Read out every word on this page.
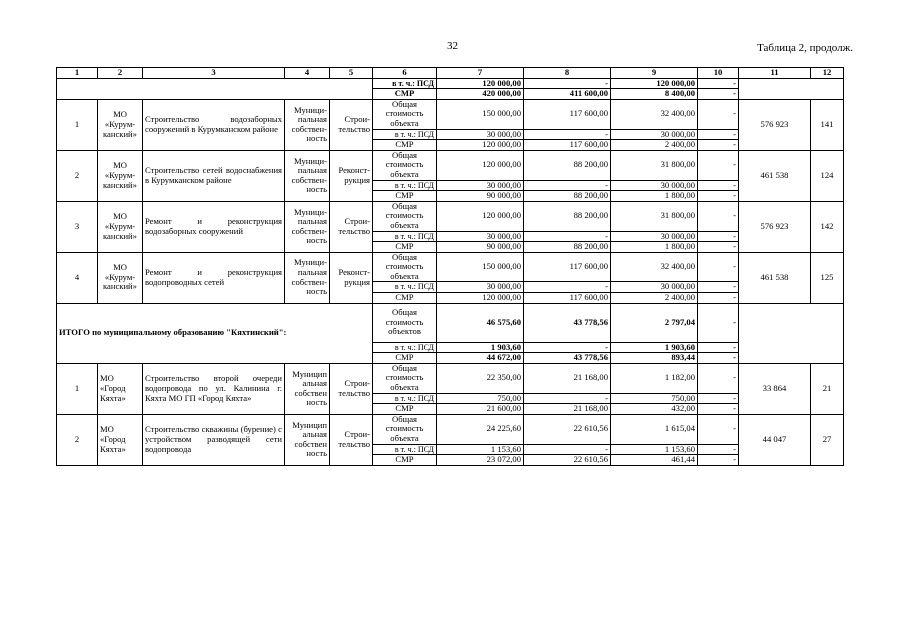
32	Таблица 2, продолж.
1	2	3	4	5	6	7	8	9	10	11	12
					в т. ч.: ПСД	120 000,00	-	120 000,00	-		
					СМР	420 000,00	411 600,00	8 400,00	-		
1	МО «Курум-канский»	Строительство водозаборных сооружений в Курумканском районе	Муници-пальная собствен-ность	Строи-тельство	Общая стоимость объекта	150 000,00	117 600,00	32 400,00	-	576 923	141
					в т. ч.: ПСД	30 000,00	-	30 000,00	-		
					СМР	120 000,00	117 600,00	2 400,00	-		
2	МО «Курум-канский»	Строительство сетей водоснабжения в Курумканском районе	Муници-пальная собствен-ность	Реконст-рукция	Общая стоимость объекта	120 000,00	88 200,00	31 800,00	-	461 538	124
					в т. ч.: ПСД	30 000,00	-	30 000,00	-		
					СМР	90 000,00	88 200,00	1 800,00	-		
3	МО «Курум-канский»	Ремонт и реконструкция водозаборных сооружений	Муници-пальная собствен-ность	Строи-тельство	Общая стоимость объекта	120 000,00	88 200,00	31 800,00	-	576 923	142
					в т. ч.: ПСД	30 000,00	-	30 000,00	-		
					СМР	90 000,00	88 200,00	1 800,00	-		
4	МО «Курум-канский»	Ремонт и реконструкция водопроводных сетей	Муници-пальная собствен-ность	Реконст-рукция	Общая стоимость объекта	150 000,00	117 600,00	32 400,00	-	461 538	125
					в т. ч.: ПСД	30 000,00	-	30 000,00	-		
					СМР	120 000,00	117 600,00	2 400,00	-		
ИТОГО по муниципальному образованию "Кяхтинский":					Общая стоимость объектов	46 575,60	43 778,56	2 797,04	-		
					в т. ч.: ПСД	1 903,60	-	1 903,60	-		
					СМР	44 672,00	43 778,56	893,44	-		
1	МО «Город Кяхта»	Строительство второй очереди водопровода по ул. Калинина г. Кяхта МО ГП «Город Кяхта»	Муницип альная собствен ность	Строи-тельство	Общая стоимость объекта	22 350,00	21 168,00	1 182,00	-	33 864	21
					в т. ч.: ПСД	750,00	-	750,00	-		
					СМР	21 600,00	21 168,00	432,00	-		
2	МО «Город Кяхта»	Строительство скважины (бурение) с устройством разводящей сети водопровода	Муницип альная собствен ность	Строи-тельство	Общая стоимость объекта	24 225,60	22 610,56	1 615,04	-	44 047	27
					в т. ч.: ПСД	1 153,60	-	1 153,60	-		
					СМР	23 072,00	22 610,56	461,44	-		
